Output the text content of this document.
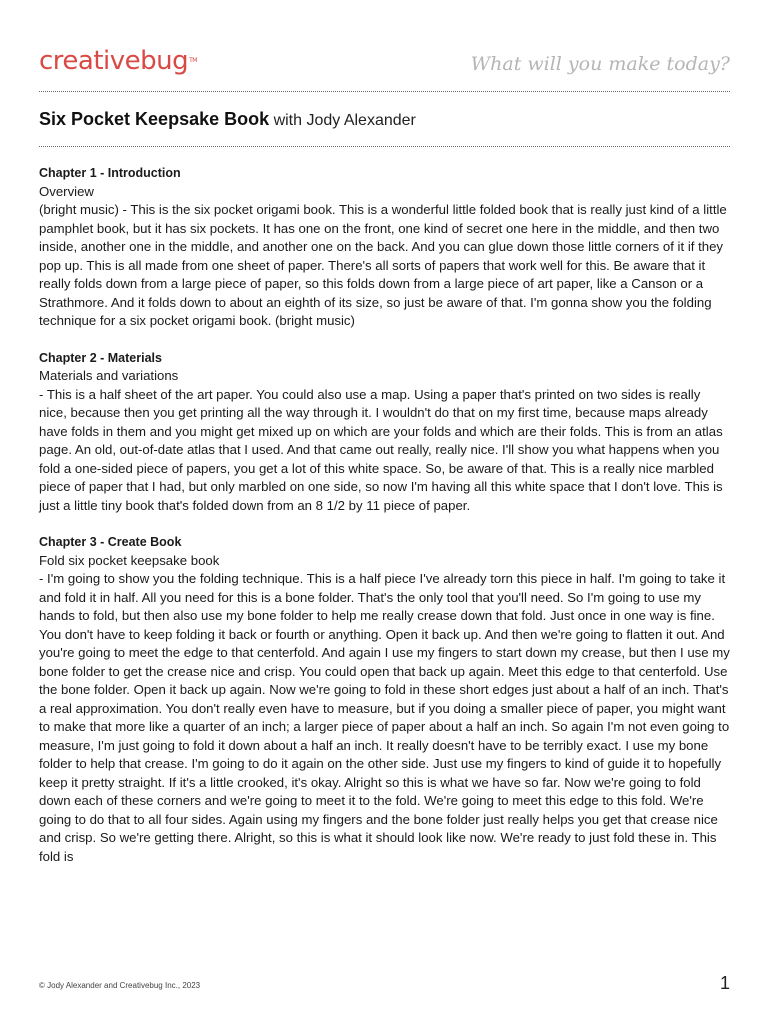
creativebug™	What will you make today?
Six Pocket Keepsake Book with Jody Alexander
Chapter 1 - Introduction

Overview

(bright music) - This is the six pocket origami book. This is a wonderful little folded book that is really just kind of a little pamphlet book, but it has six pockets. It has one on the front, one kind of secret one here in the middle, and then two inside, another one in the middle, and another one on the back. And you can glue down those little corners of it if they pop up. This is all made from one sheet of paper. There's all sorts of papers that work well for this. Be aware that it really folds down from a large piece of paper, so this folds down from a large piece of art paper, like a Canson or a Strathmore. And it folds down to about an eighth of its size, so just be aware of that. I'm gonna show you the folding technique for a six pocket origami book. (bright music)

Chapter 2 - Materials

Materials and variations

- This is a half sheet of the art paper. You could also use a map. Using a paper that's printed on two sides is really nice, because then you get printing all the way through it. I wouldn't do that on my first time, because maps already have folds in them and you might get mixed up on which are your folds and which are their folds. This is from an atlas page. An old, out-of-date atlas that I used. And that came out really, really nice. I'll show you what happens when you fold a one-sided piece of papers, you get a lot of this white space. So, be aware of that. This is a really nice marbled piece of paper that I had, but only marbled on one side, so now I'm having all this white space that I don't love. This is just a little tiny book that's folded down from an 8 1/2 by 11 piece of paper.

Chapter 3 - Create Book

Fold six pocket keepsake book

- I'm going to show you the folding technique. This is a half piece I've already torn this piece in half. I'm going to take it and fold it in half. All you need for this is a bone folder. That's the only tool that you'll need. So I'm going to use my hands to fold, but then also use my bone folder to help me really crease down that fold. Just once in one way is fine. You don't have to keep folding it back or fourth or anything. Open it back up. And then we're going to flatten it out. And you're going to meet the edge to that centerfold. And again I use my fingers to start down my crease, but then I use my bone folder to get the crease nice and crisp. You could open that back up again. Meet this edge to that centerfold. Use the bone folder. Open it back up again. Now we're going to fold in these short edges just about a half of an inch. That's a real approximation. You don't really even have to measure, but if you doing a smaller piece of paper, you might want to make that more like a quarter of an inch; a larger piece of paper about a half an inch. So again I'm not even going to measure, I'm just going to fold it down about a half an inch. It really doesn't have to be terribly exact. I use my bone folder to help that crease. I'm going to do it again on the other side. Just use my fingers to kind of guide it to hopefully keep it pretty straight. If it's a little crooked, it's okay. Alright so this is what we have so far. Now we're going to fold down each of these corners and we're going to meet it to the fold. We're going to meet this edge to this fold. We're going to do that to all four sides. Again using my fingers and the bone folder just really helps you get that crease nice and crisp. So we're getting there. Alright, so this is what it should look like now. We're ready to just fold these in. This fold is

© Jody Alexander and Creativebug Inc., 2023	1
